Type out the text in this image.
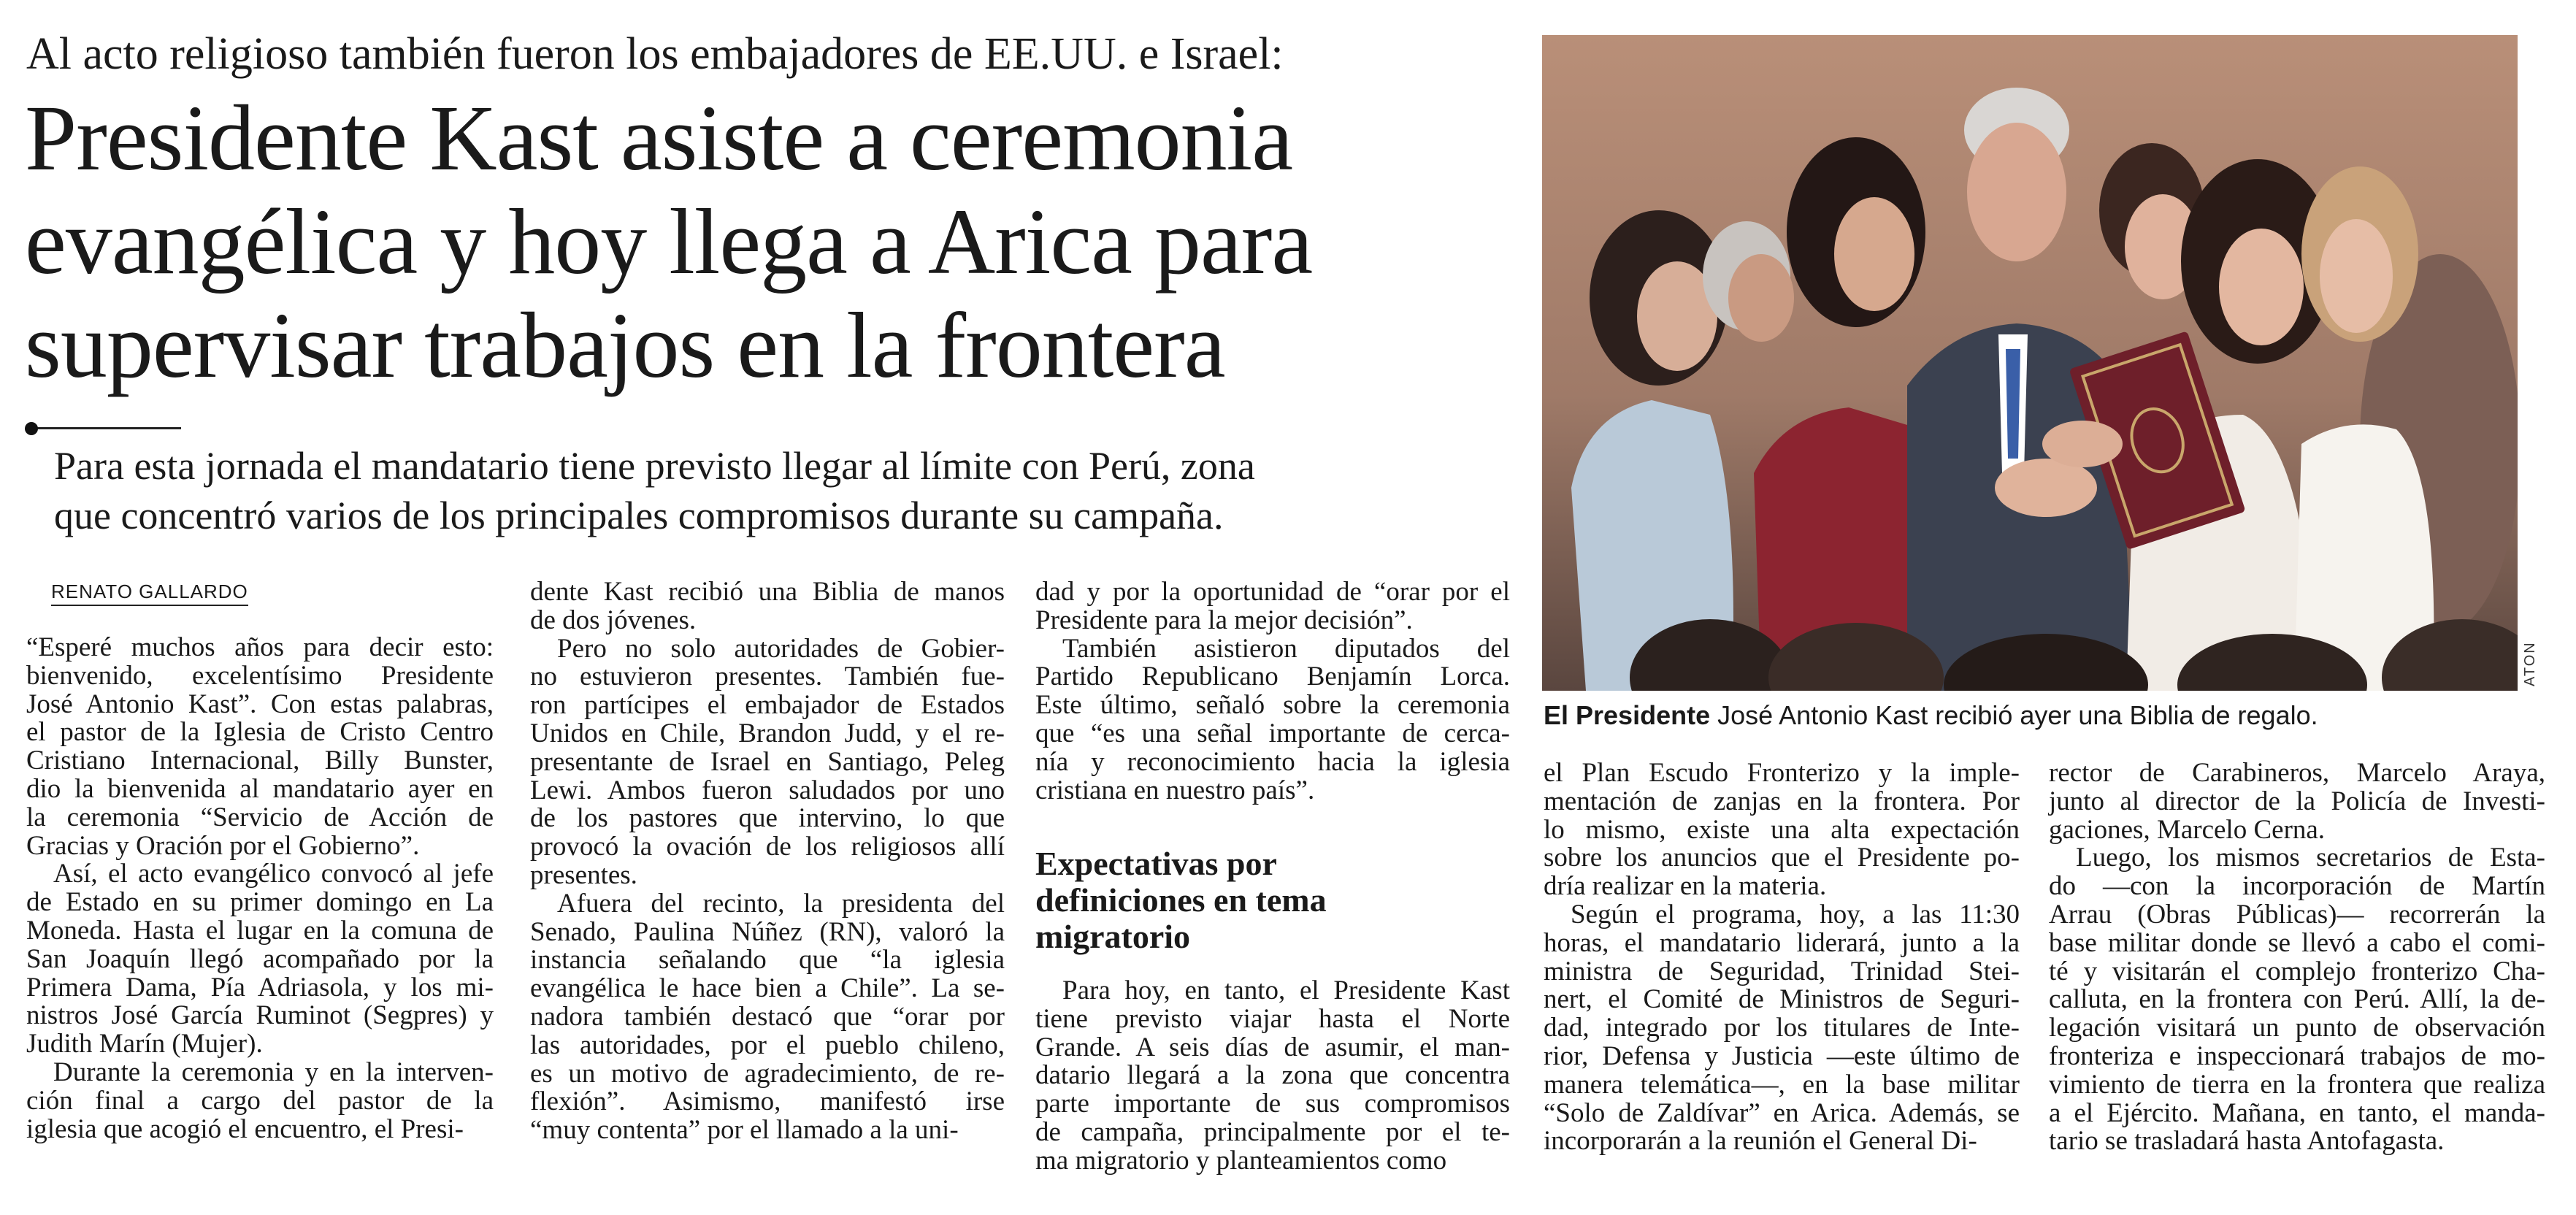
Al acto religioso también fueron los embajadores de EE.UU. e Israel:
Presidente Kast asiste a ceremonia
evangélica y hoy llega a Arica para
supervisar trabajos en la frontera
Para esta jornada el mandatario tiene previsto llegar al límite con Perú, zona
que concentró varios de los principales compromisos durante su campaña.
RENATO GALLARDO
“Esperé muchos años para decir esto:
bienvenido, excelentísimo Presidente
José Antonio Kast”. Con estas palabras,
el pastor de la Iglesia de Cristo Centro
Cristiano Internacional, Billy Bunster,
dio la bienvenida al mandatario ayer en
la ceremonia “Servicio de Acción de
Gracias y Oración por el Gobierno”.
 Así, el acto evangélico convocó al jefe
de Estado en su primer domingo en La
Moneda. Hasta el lugar en la comuna de
San Joaquín llegó acompañado por la
Primera Dama, Pía Adriasola, y los mi-
nistros José García Ruminot (Segpres) y
Judith Marín (Mujer).
 Durante la ceremonia y en la interven-
ción final a cargo del pastor de la
iglesia que acogió el encuentro, el Presi-
dente Kast recibió una Biblia de manos
de dos jóvenes.
 Pero no solo autoridades de Gobier-
no estuvieron presentes. También fue-
ron partícipes el embajador de Estados
Unidos en Chile, Brandon Judd, y el re-
presentante de Israel en Santiago, Peleg
Lewi. Ambos fueron saludados por uno
de los pastores que intervino, lo que
provocó la ovación de los religiosos allí
presentes.
 Afuera del recinto, la presidenta del
Senado, Paulina Núñez (RN), valoró la
instancia señalando que “la iglesia
evangélica le hace bien a Chile”. La se-
nadora también destacó que “orar por
las autoridades, por el pueblo chileno,
es un motivo de agradecimiento, de re-
flexión”. Asimismo, manifestó irse
“muy contenta” por el llamado a la uni-
dad y por la oportunidad de “orar por el
Presidente para la mejor decisión”.
 También asistieron diputados del
Partido Republicano Benjamín Lorca.
Este último, señaló sobre la ceremonia
que “es una señal importante de cerca-
nía y reconocimiento hacia la iglesia
cristiana en nuestro país”.
Expectativas por
definiciones en tema
migratorio
 Para hoy, en tanto, el Presidente Kast
tiene previsto viajar hasta el Norte
Grande. A seis días de asumir, el man-
datario llegará a la zona que concentra
parte importante de sus compromisos
de campaña, principalmente por el te-
ma migratorio y planteamientos como
el Plan Escudo Fronterizo y la imple-
mentación de zanjas en la frontera. Por
lo mismo, existe una alta expectación
sobre los anuncios que el Presidente po-
dría realizar en la materia.
 Según el programa, hoy, a las 11:30
horas, el mandatario liderará, junto a la
ministra de Seguridad, Trinidad Stei-
nert, el Comité de Ministros de Seguri-
dad, integrado por los titulares de Inte-
rior, Defensa y Justicia —este último de
manera telemática—, en la base militar
“Solo de Zaldívar” en Arica. Además, se
incorporarán a la reunión el General Di-
rector de Carabineros, Marcelo Araya,
junto al director de la Policía de Investi-
gaciones, Marcelo Cerna.
 Luego, los mismos secretarios de Esta-
do —con la incorporación de Martín
Arrau (Obras Públicas)— recorrerán la
base militar donde se llevó a cabo el comi-
té y visitarán el complejo fronterizo Cha-
calluta, en la frontera con Perú. Allí, la de-
legación visitará un punto de observación
fronteriza e inspeccionará trabajos de mo-
vimiento de tierra en la frontera que realiza
a el Ejército. Mañana, en tanto, el manda-
tario se trasladará hasta Antofagasta.
ATON
El Presidente José Antonio Kast recibió ayer una Biblia de regalo.
